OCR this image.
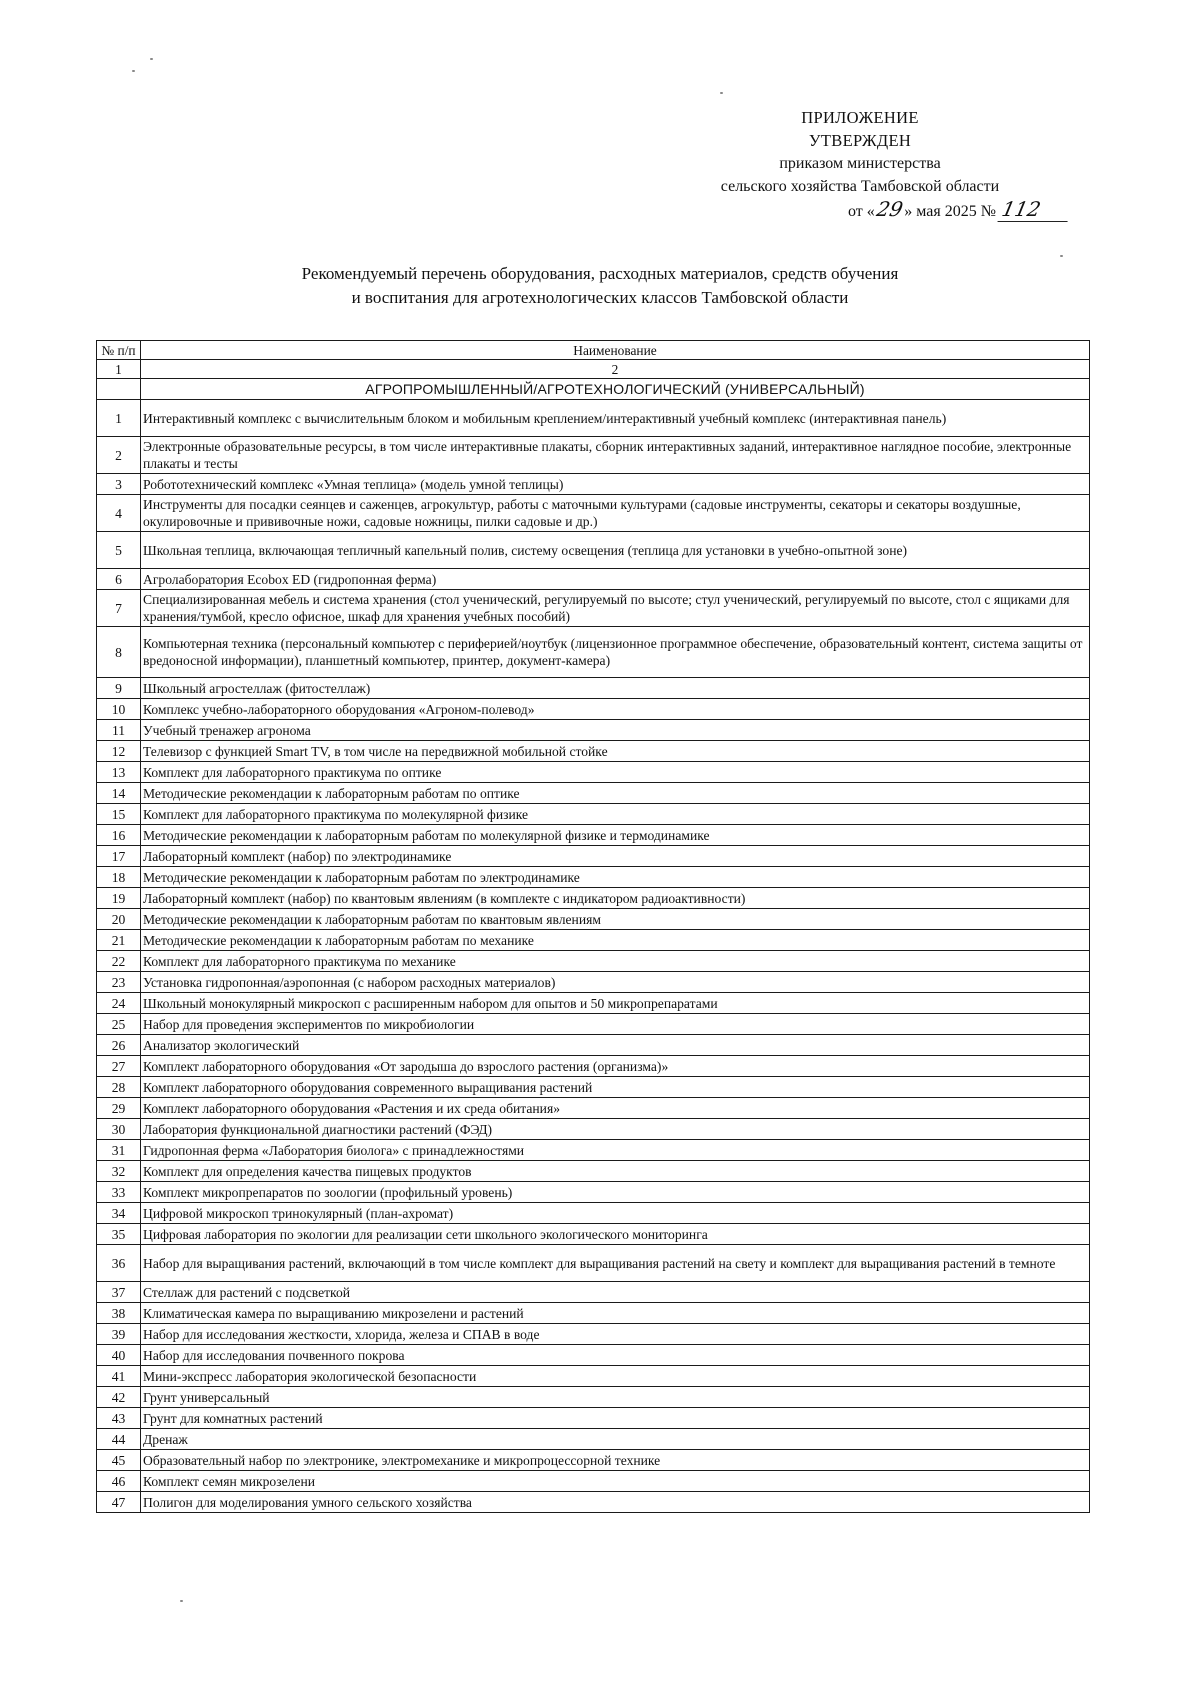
ПРИЛОЖЕНИЕ
УТВЕРЖДЕН
приказом министерства
сельского хозяйства Тамбовской области
от «29» мая 2025 № 112
Рекомендуемый перечень оборудования, расходных материалов, средств обучения
и воспитания для агротехнологических классов Тамбовской области
№ п/п	Наименование
1	2
	АГРОПРОМЫШЛЕННЫЙ/АГРОТЕХНОЛОГИЧЕСКИЙ (УНИВЕРСАЛЬНЫЙ)
1	Интерактивный комплекс с вычислительным блоком и мобильным креплением/интерактивный учебный комплекс (интерактивная панель)
2	Электронные образовательные ресурсы, в том числе интерактивные плакаты, сборник интерактивных заданий, интерактивное наглядное пособие, электронные плакаты и тесты
3	Робототехнический комплекс «Умная теплица» (модель умной теплицы)
4	Инструменты для посадки сеянцев и саженцев, агрокультур, работы с маточными культурами (садовые инструменты, секаторы и секаторы воздушные, окулировочные и прививочные ножи, садовые ножницы, пилки садовые и др.)
5	Школьная теплица, включающая тепличный капельный полив, систему освещения (теплица для установки в учебно-опытной зоне)
6	Агролаборатория Ecobox ED (гидропонная ферма)
7	Специализированная мебель и система хранения (стол ученический, регулируемый по высоте; стул ученический, регулируемый по высоте, стол с ящиками для хранения/тумбой, кресло офисное, шкаф для хранения учебных пособий)
8	Компьютерная техника (персональный компьютер с периферией/ноутбук (лицензионное программное обеспечение, образовательный контент, система защиты от вредоносной информации), планшетный компьютер, принтер, документ-камера)
9	Школьный агростеллаж (фитостеллаж)
10	Комплекс учебно-лабораторного оборудования «Агроном-полевод»
11	Учебный тренажер агронома
12	Телевизор с функцией Smart TV, в том числе на передвижной мобильной стойке
13	Комплект для лабораторного практикума по оптике
14	Методические рекомендации к лабораторным работам по оптике
15	Комплект для лабораторного практикума по молекулярной физике
16	Методические рекомендации к лабораторным работам по молекулярной физике и термодинамике
17	Лабораторный комплект (набор) по электродинамике
18	Методические рекомендации к лабораторным работам по электродинамике
19	Лабораторный комплект (набор) по квантовым явлениям (в комплекте с индикатором радиоактивности)
20	Методические рекомендации к лабораторным работам по квантовым явлениям
21	Методические рекомендации к лабораторным работам по механике
22	Комплект для лабораторного практикума по механике
23	Установка гидропонная/аэропонная (с набором расходных материалов)
24	Школьный монокулярный микроскоп с расширенным набором для опытов и 50 микропрепаратами
25	Набор для проведения экспериментов по микробиологии
26	Анализатор экологический
27	Комплект лабораторного оборудования «От зародыша до взрослого растения (организма)»
28	Комплект лабораторного оборудования современного выращивания растений
29	Комплект лабораторного оборудования «Растения и их среда обитания»
30	Лаборатория функциональной диагностики растений (ФЭД)
31	Гидропонная ферма «Лаборатория биолога» с принадлежностями
32	Комплект для определения качества пищевых продуктов
33	Комплект микропрепаратов по зоологии (профильный уровень)
34	Цифровой микроскоп тринокулярный (план-ахромат)
35	Цифровая лаборатория по экологии для реализации сети школьного экологического мониторинга
36	Набор для выращивания растений, включающий в том числе комплект для выращивания растений на свету и комплект для выращивания растений в темноте
37	Стеллаж для растений с подсветкой
38	Климатическая камера по выращиванию микрозелени и растений
39	Набор для исследования жесткости, хлорида, железа и СПАВ в воде
40	Набор для исследования почвенного покрова
41	Мини-экспресс лаборатория экологической безопасности
42	Грунт универсальный
43	Грунт для комнатных растений
44	Дренаж
45	Образовательный набор по электронике, электромеханике и микропроцессорной технике
46	Комплект семян микрозелени
47	Полигон для моделирования умного сельского хозяйства
